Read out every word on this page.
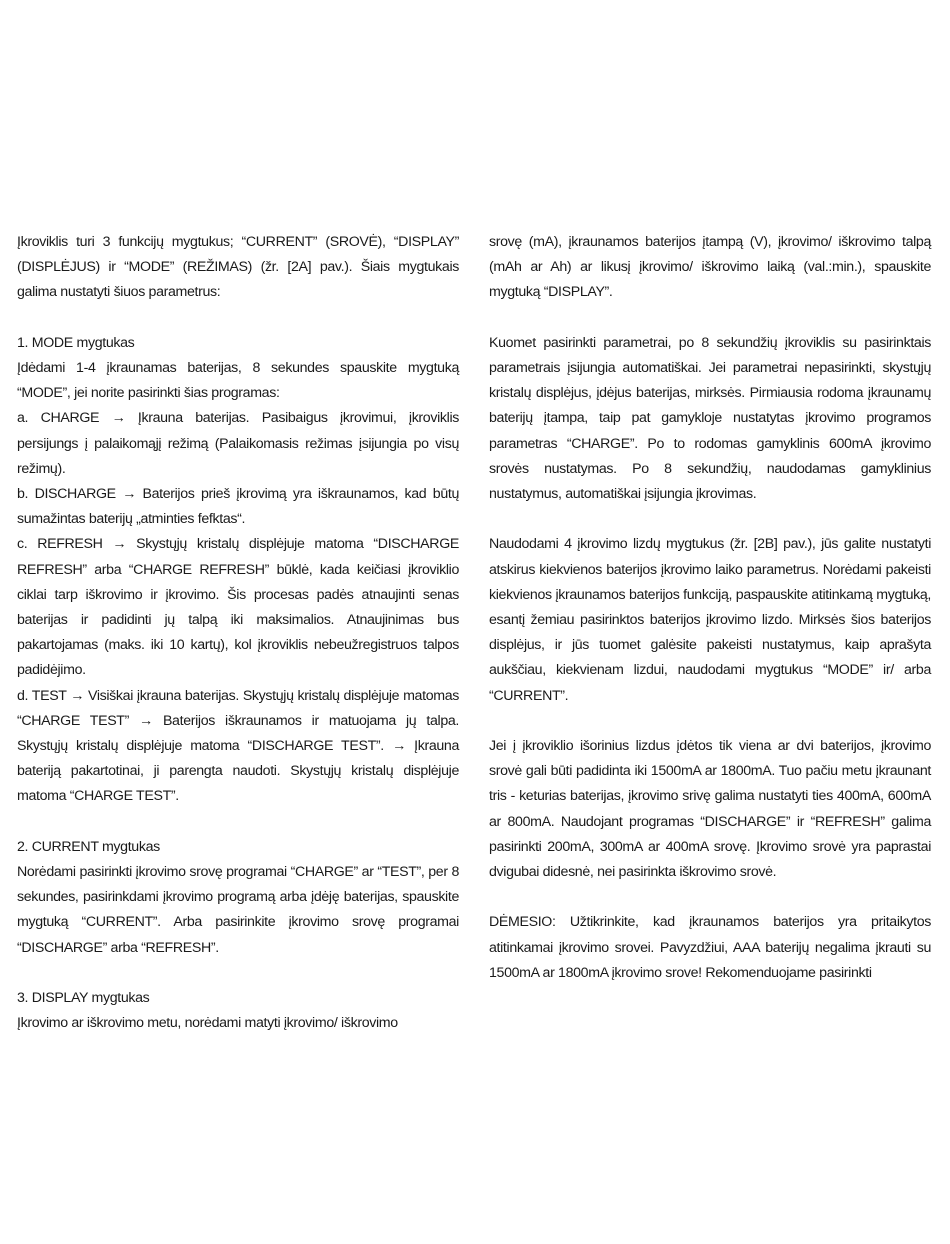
Įkroviklis turi 3 funkcijų mygtukus; “CURRENT” (SROVĖ), “DISPLAY” (DISPLĖJUS) ir “MODE” (REŽIMAS) (žr. [2A] pav.). Šiais mygtukais galima nustatyti šiuos parametrus:

1. MODE mygtukas

Įdėdami 1-4 įkraunamas baterijas, 8 sekundes spauskite mygtuką “MODE”, jei norite pasirinkti šias programas:

a. CHARGE → Įkrauna baterijas. Pasibaigus įkrovimui, įkroviklis persijungs į palaikomąjį režimą (Palaikomasis režimas įsijungia po visų režimų).

b. DISCHARGE → Baterijos prieš įkrovimą yra iškraunamos, kad būtų sumažintas baterijų „atminties fefktas“.

c. REFRESH → Skystųjų kristalų displėjuje matoma “DISCHARGE REFRESH” arba “CHARGE REFRESH” būklė, kada keičiasi įkroviklio ciklai tarp iškrovimo ir įkrovimo. Šis procesas padės atnaujinti senas baterijas ir padidinti jų talpą iki maksimalios. Atnaujinimas bus pakartojamas (maks. iki 10 kartų), kol įkroviklis nebeužregistruos talpos padidėjimo.

d. TEST → Visiškai įkrauna baterijas. Skystųjų kristalų displėjuje matomas “CHARGE TEST” → Baterijos iškraunamos ir matuojama jų talpa. Skystųjų kristalų displėjuje matoma “DISCHARGE TEST”. → Įkrauna bateriją pakartotinai, ji parengta naudoti. Skystųjų kristalų displėjuje matoma “CHARGE TEST”.

2. CURRENT mygtukas

Norėdami pasirinkti įkrovimo srovę programai “CHARGE” ar “TEST”, per 8 sekundes, pasirinkdami įkrovimo programą arba įdėję baterijas, spauskite mygtuką “CURRENT”. Arba pasirinkite įkrovimo srovę programai “DISCHARGE” arba “REFRESH”.

3. DISPLAY mygtukas

Įkrovimo ar iškrovimo metu, norėdami matyti įkrovimo/ iškrovimo

srovę (mA), įkraunamos baterijos įtampą (V), įkrovimo/ iškrovimo talpą (mAh ar Ah) ar likusį įkrovimo/ iškrovimo laiką (val.:min.), spauskite mygtuką “DISPLAY”.

Kuomet pasirinkti parametrai, po 8 sekundžių įkroviklis su pasirinktais parametrais įsijungia automatiškai. Jei parametrai nepasirinkti, skystųjų kristalų displėjus, įdėjus baterijas, mirksės. Pirmiausia rodoma įkraunamų baterijų įtampa, taip pat gamykloje nustatytas įkrovimo programos parametras “CHARGE”. Po to rodomas gamyklinis 600mA įkrovimo srovės nustatymas. Po 8 sekundžių, naudodamas gamyklinius nustatymus, automatiškai įsijungia įkrovimas.

Naudodami 4 įkrovimo lizdų mygtukus (žr. [2B] pav.), jūs galite nustatyti atskirus kiekvienos baterijos įkrovimo laiko parametrus. Norėdami pakeisti kiekvienos įkraunamos baterijos funkciją, paspauskite atitinkamą mygtuką, esantį žemiau pasirinktos baterijos įkrovimo lizdo. Mirksės šios baterijos displėjus, ir jūs tuomet galėsite pakeisti nustatymus, kaip aprašyta aukščiau, kiekvienam lizdui, naudodami mygtukus “MODE” ir/ arba “CURRENT”.

Jei į įkroviklio išorinius lizdus įdėtos tik viena ar dvi baterijos, įkrovimo srovė gali būti padidinta iki 1500mA ar 1800mA. Tuo pačiu metu įkraunant tris - keturias baterijas, įkrovimo srivę galima nustatyti ties 400mA, 600mA ar 800mA. Naudojant programas “DISCHARGE” ir “REFRESH” galima pasirinkti 200mA, 300mA ar 400mA srovę. Įkrovimo srovė yra paprastai dvigubai didesnė, nei pasirinkta iškrovimo srovė.

DĖMESIO: Užtikrinkite, kad įkraunamos baterijos yra pritaikytos atitinkamai įkrovimo srovei. Pavyzdžiui, AAA baterijų negalima įkrauti su 1500mA ar 1800mA įkrovimo srove! Rekomenduojame pasirinkti
